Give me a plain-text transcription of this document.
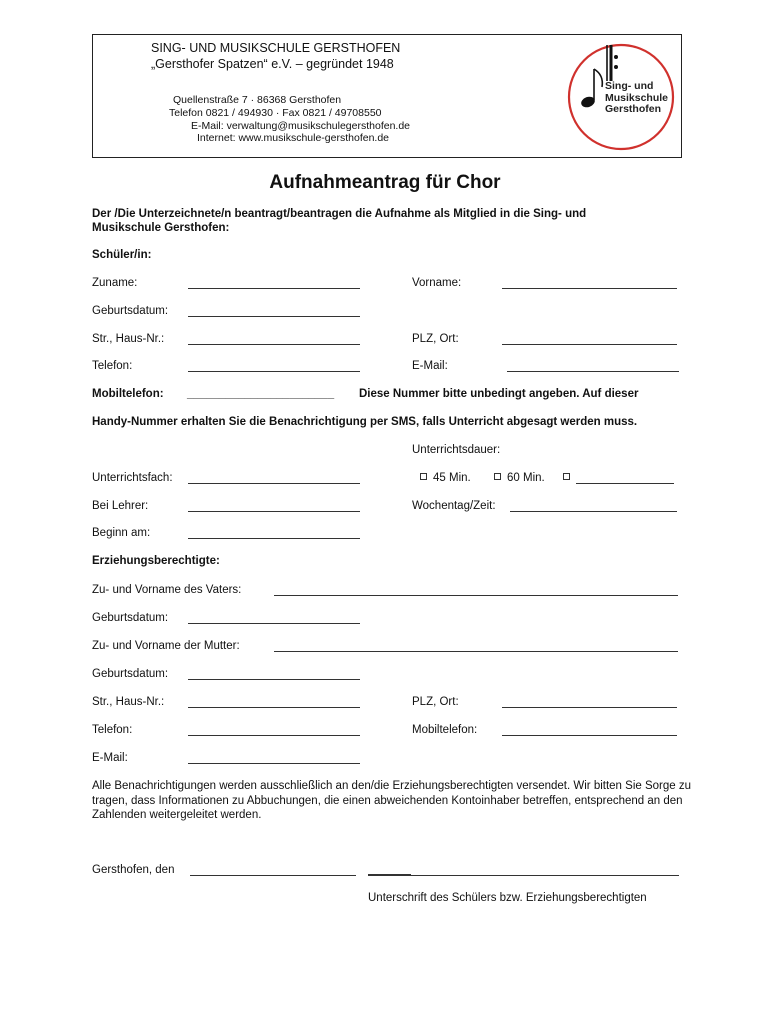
SING- UND MUSIKSCHULE GERSTHOFEN
„Gersthofer Spatzen“ e.V. – gegründet 1948
Quellenstraße 7 · 86368 Gersthofen
Telefon 0821 / 494930 · Fax 0821 / 49708550
E-Mail: verwaltung@musikschulegersthofen.de
Internet: www.musikschule-gersthofen.de
Sing- und
Musikschule
Gersthofen
Aufnahmeantrag für Chor
Der /Die Unterzeichnete/n beantragt/beantragen die Aufnahme als Mitglied in die Sing- und
Musikschule Gersthofen:
Schüler/in:
Zuname:	Vorname:
Geburtsdatum:
Str., Haus-Nr.:	PLZ, Ort:
Telefon:	E-Mail:
Mobiltelefon: _______________________ Diese Nummer bitte unbedingt angeben. Auf dieser
Handy-Nummer erhalten Sie die Benachrichtigung per SMS, falls Unterricht abgesagt werden muss.
Unterrichtsdauer:
Unterrichtsfach:	45 Min.	60 Min.
Bei Lehrer:	Wochentag/Zeit:
Beginn am:
Erziehungsberechtigte:
Zu- und Vorname des Vaters:
Geburtsdatum:
Zu- und Vorname der Mutter:
Geburtsdatum:
Str., Haus-Nr.:	PLZ, Ort:
Telefon:	Mobiltelefon:
E-Mail:
Alle Benachrichtigungen werden ausschließlich an den/die Erziehungsberechtigten versendet. Wir bitten Sie Sorge zu tragen, dass Informationen zu Abbuchungen, die einen abweichenden Kontoinhaber betreffen, entsprechend an den Zahlenden weitergeleitet werden.
Gersthofen, den
Unterschrift des Schülers bzw. Erziehungsberechtigten
